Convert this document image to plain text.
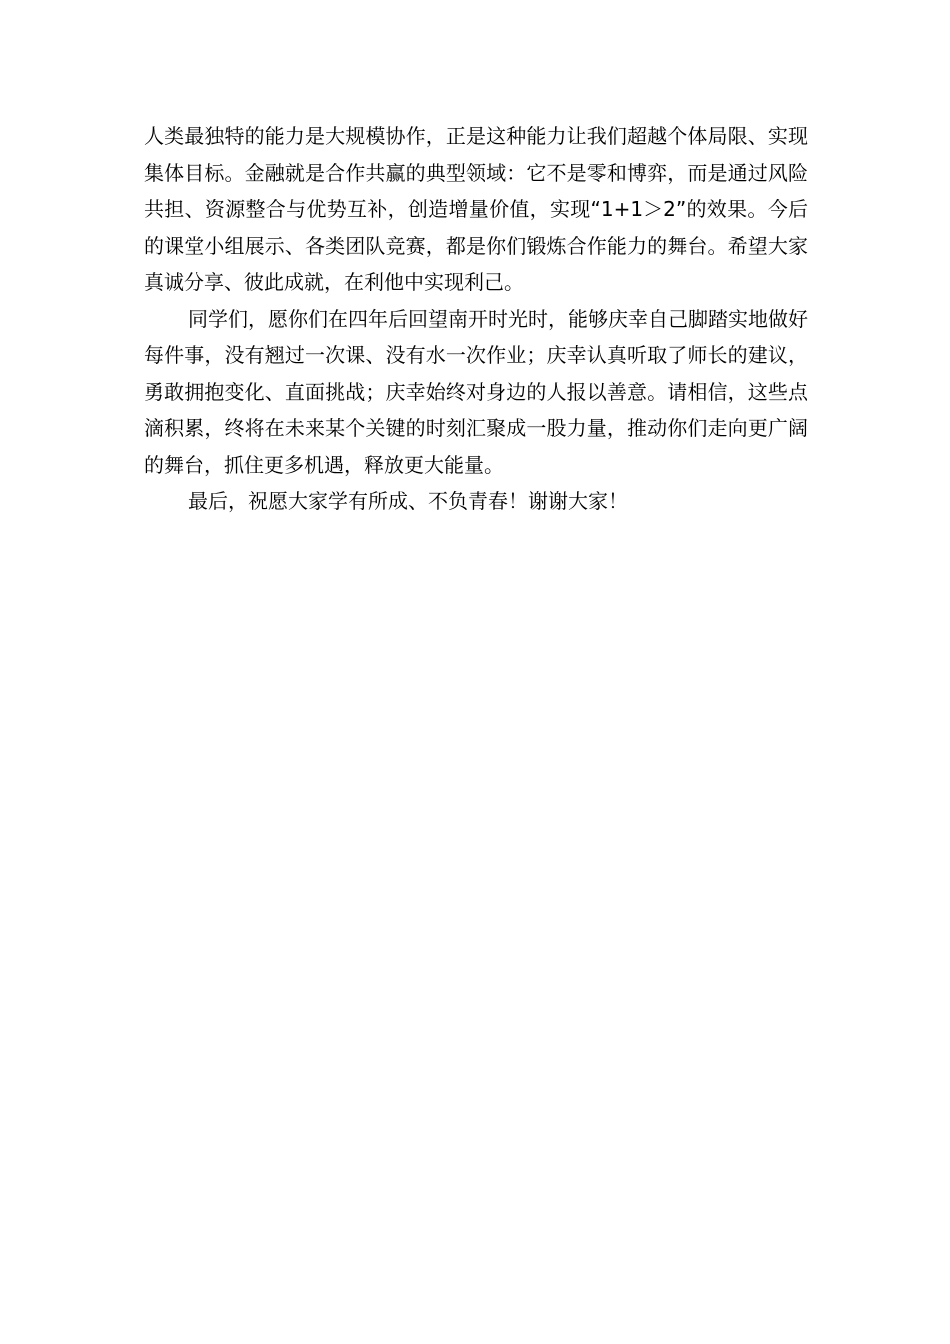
人类最独特的能力是大规模协作，正是这种能力让我们超越个体局限、实现集体目标。金融就是合作共赢的典型领域：它不是零和博弈，而是通过风险共担、资源整合与优势互补，创造增量价值，实现“1+1＞2”的效果。今后的课堂小组展示、各类团队竞赛，都是你们锻炼合作能力的舞台。希望大家真诚分享、彼此成就，在利他中实现利己。

同学们，愿你们在四年后回望南开时光时，能够庆幸自己脚踏实地做好每件事，没有翘过一次课、没有水一次作业；庆幸认真听取了师长的建议，勇敢拥抱变化、直面挑战；庆幸始终对身边的人报以善意。请相信，这些点滴积累，终将在未来某个关键的时刻汇聚成一股力量，推动你们走向更广阔的舞台，抓住更多机遇，释放更大能量。

最后，祝愿大家学有所成、不负青春！谢谢大家！
